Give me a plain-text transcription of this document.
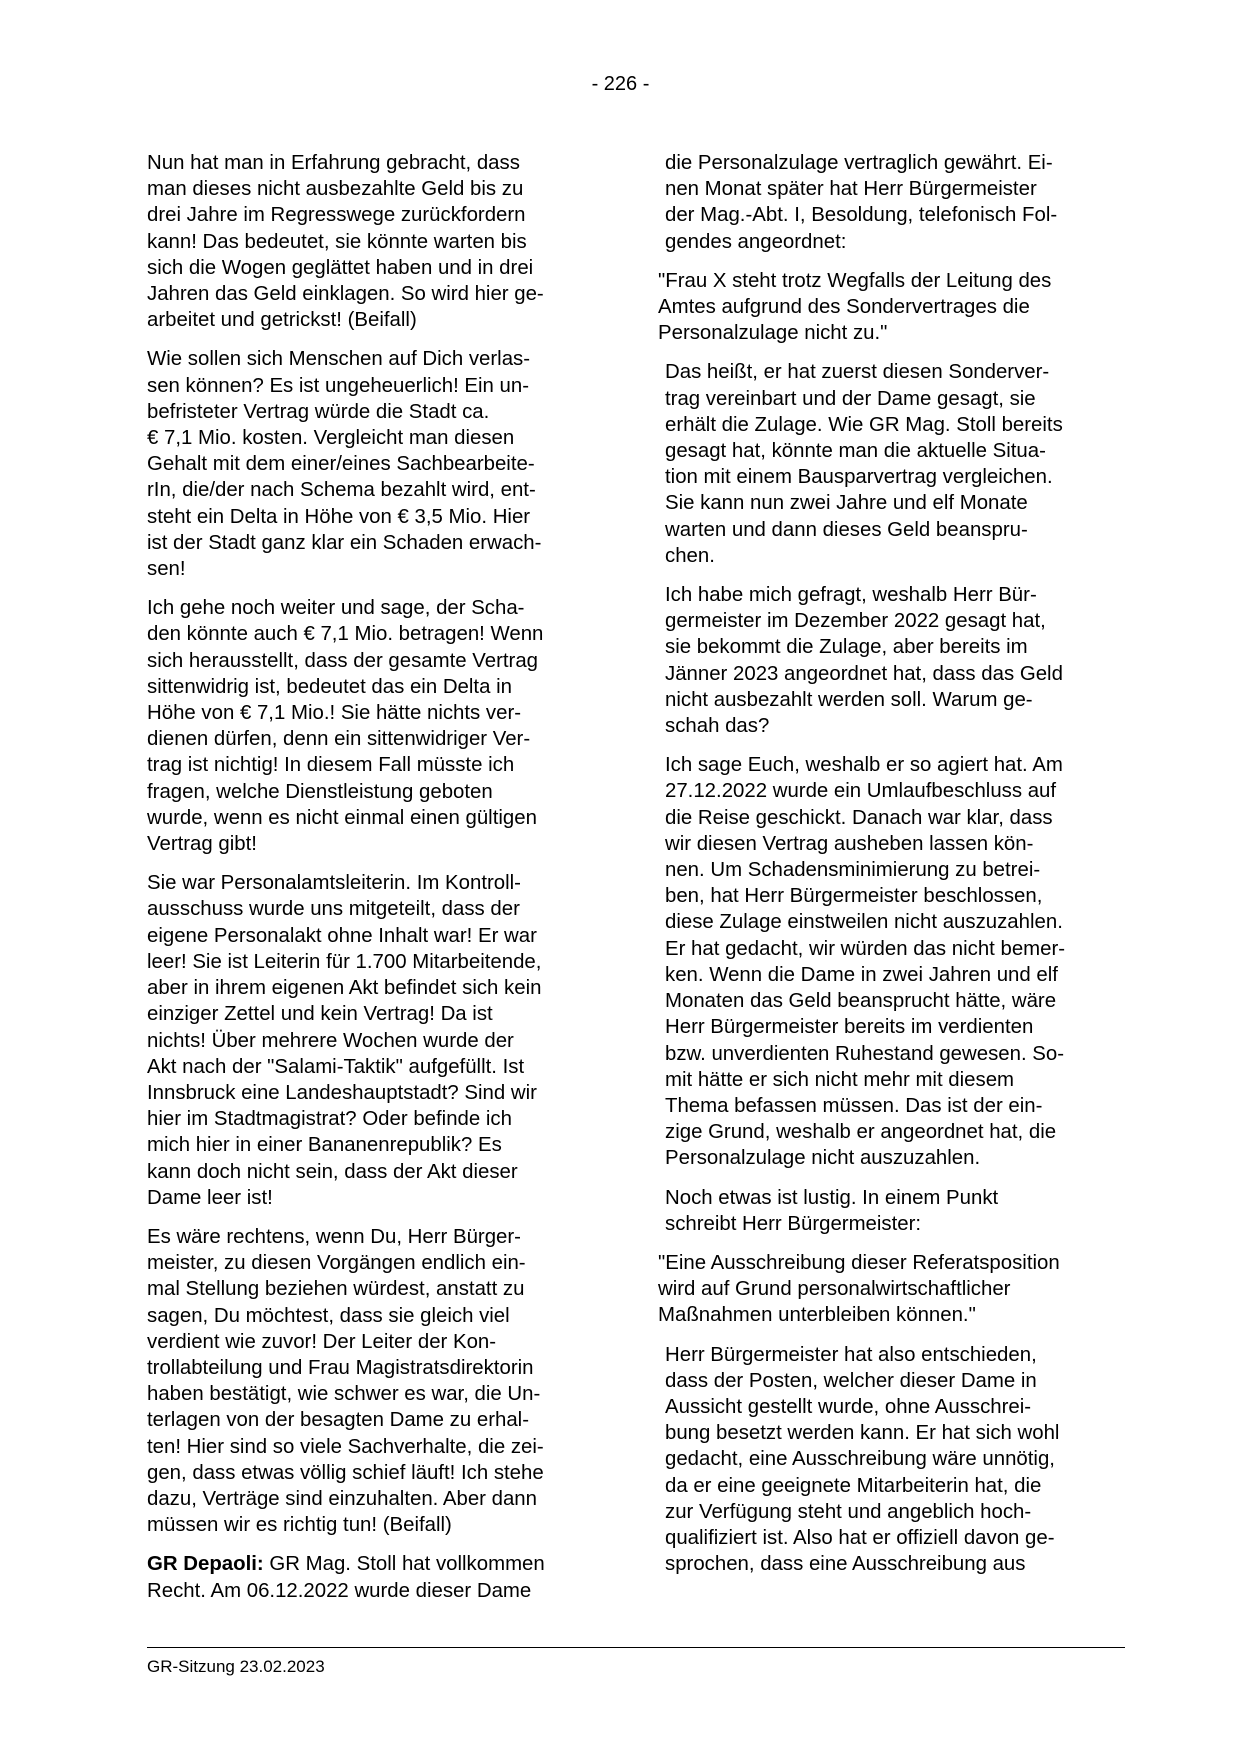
- 226 -

Nun hat man in Erfahrung gebracht, dass
man dieses nicht ausbezahlte Geld bis zu
drei Jahre im Regresswege zurückfordern
kann! Das bedeutet, sie könnte warten bis
sich die Wogen geglättet haben und in drei
Jahren das Geld einklagen. So wird hier ge-
arbeitet und getrickst! (Beifall)

Wie sollen sich Menschen auf Dich verlas-
sen können? Es ist ungeheuerlich! Ein un-
befristeter Vertrag würde die Stadt ca.
€ 7,1 Mio. kosten. Vergleicht man diesen
Gehalt mit dem einer/eines Sachbearbeite-
rIn, die/der nach Schema bezahlt wird, ent-
steht ein Delta in Höhe von € 3,5 Mio. Hier
ist der Stadt ganz klar ein Schaden erwach-
sen!

Ich gehe noch weiter und sage, der Scha-
den könnte auch € 7,1 Mio. betragen! Wenn
sich herausstellt, dass der gesamte Vertrag
sittenwidrig ist, bedeutet das ein Delta in
Höhe von € 7,1 Mio.! Sie hätte nichts ver-
dienen dürfen, denn ein sittenwidriger Ver-
trag ist nichtig! In diesem Fall müsste ich
fragen, welche Dienstleistung geboten
wurde, wenn es nicht einmal einen gültigen
Vertrag gibt!

Sie war Personalamtsleiterin. Im Kontroll-
ausschuss wurde uns mitgeteilt, dass der
eigene Personalakt ohne Inhalt war! Er war
leer! Sie ist Leiterin für 1.700 Mitarbeitende,
aber in ihrem eigenen Akt befindet sich kein
einziger Zettel und kein Vertrag! Da ist
nichts! Über mehrere Wochen wurde der
Akt nach der "Salami-Taktik" aufgefüllt. Ist
Innsbruck eine Landeshauptstadt? Sind wir
hier im Stadtmagistrat? Oder befinde ich
mich hier in einer Bananenrepublik? Es
kann doch nicht sein, dass der Akt dieser
Dame leer ist!

Es wäre rechtens, wenn Du, Herr Bürger-
meister, zu diesen Vorgängen endlich ein-
mal Stellung beziehen würdest, anstatt zu
sagen, Du möchtest, dass sie gleich viel
verdient wie zuvor! Der Leiter der Kon-
trollabteilung und Frau Magistratsdirektorin
haben bestätigt, wie schwer es war, die Un-
terlagen von der besagten Dame zu erhal-
ten! Hier sind so viele Sachverhalte, die zei-
gen, dass etwas völlig schief läuft! Ich stehe
dazu, Verträge sind einzuhalten. Aber dann
müssen wir es richtig tun! (Beifall)

GR Depaoli: GR Mag. Stoll hat vollkommen
Recht. Am 06.12.2022 wurde dieser Dame

die Personalzulage vertraglich gewährt. Ei-
nen Monat später hat Herr Bürgermeister
der Mag.-Abt. I, Besoldung, telefonisch Fol-
gendes angeordnet:

"Frau X steht trotz Wegfalls der Leitung des
Amtes aufgrund des Sondervertrages die
Personalzulage nicht zu."

Das heißt, er hat zuerst diesen Sonderver-
trag vereinbart und der Dame gesagt, sie
erhält die Zulage. Wie GR Mag. Stoll bereits
gesagt hat, könnte man die aktuelle Situa-
tion mit einem Bausparvertrag vergleichen.
Sie kann nun zwei Jahre und elf Monate
warten und dann dieses Geld beanspru-
chen.

Ich habe mich gefragt, weshalb Herr Bür-
germeister im Dezember 2022 gesagt hat,
sie bekommt die Zulage, aber bereits im
Jänner 2023 angeordnet hat, dass das Geld
nicht ausbezahlt werden soll. Warum ge-
schah das?

Ich sage Euch, weshalb er so agiert hat. Am
27.12.2022 wurde ein Umlaufbeschluss auf
die Reise geschickt. Danach war klar, dass
wir diesen Vertrag ausheben lassen kön-
nen. Um Schadensminimierung zu betrei-
ben, hat Herr Bürgermeister beschlossen,
diese Zulage einstweilen nicht auszuzahlen.
Er hat gedacht, wir würden das nicht bemer-
ken. Wenn die Dame in zwei Jahren und elf
Monaten das Geld beansprucht hätte, wäre
Herr Bürgermeister bereits im verdienten
bzw. unverdienten Ruhestand gewesen. So-
mit hätte er sich nicht mehr mit diesem
Thema befassen müssen. Das ist der ein-
zige Grund, weshalb er angeordnet hat, die
Personalzulage nicht auszuzahlen.

Noch etwas ist lustig. In einem Punkt
schreibt Herr Bürgermeister:

"Eine Ausschreibung dieser Referatsposition
wird auf Grund personalwirtschaftlicher
Maßnahmen unterbleiben können."

Herr Bürgermeister hat also entschieden,
dass der Posten, welcher dieser Dame in
Aussicht gestellt wurde, ohne Ausschrei-
bung besetzt werden kann. Er hat sich wohl
gedacht, eine Ausschreibung wäre unnötig,
da er eine geeignete Mitarbeiterin hat, die
zur Verfügung steht und angeblich hoch-
qualifiziert ist. Also hat er offiziell davon ge-
sprochen, dass eine Ausschreibung aus

GR-Sitzung 23.02.2023
